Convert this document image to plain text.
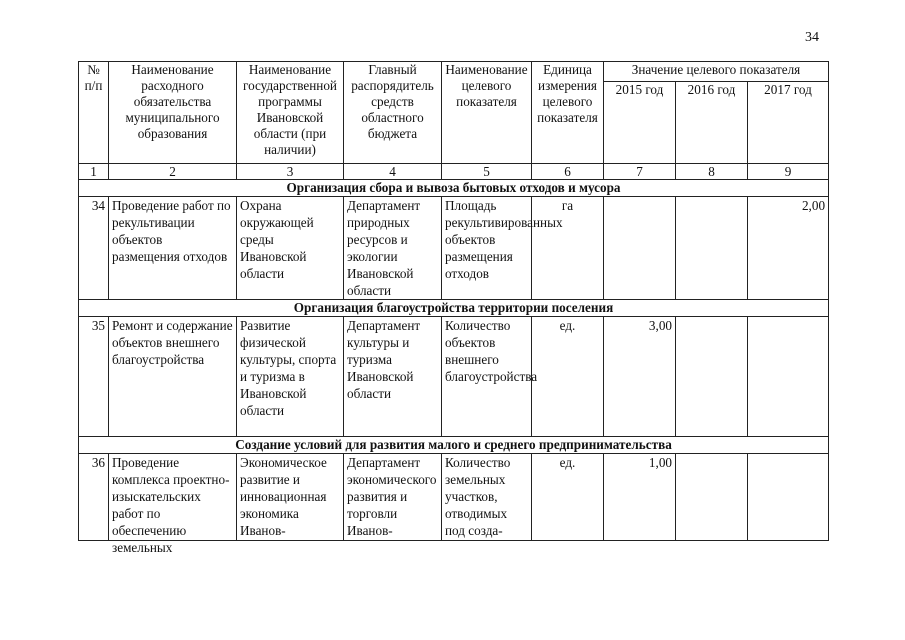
34
№ п/п	Наименование расходного обязательства муниципального образования	Наименование государственной программы Ивановской области (при наличии)	Главный распорядитель средств областного бюджета	Наименование целевого показателя	Единица измерения целевого показателя	Значение целевого показателя		
						2015 год	2016 год	2017 год
1	2	3	4	5	6	7	8	9
Организация сбора и вывоза бытовых отходов и мусора								
34	Проведение работ по рекультивации объектов размещения отходов	Охрана окружающей среды Ивановской области	Департамент природных ресурсов и экологии Ивановской области	Площадь рекультивированных объектов размещения отходов	га			2,00
Организация благоустройства территории поселения								
35	Ремонт и содержание объектов внешнего благоустройства	Развитие физической культуры, спорта и туризма в Ивановской области	Департамент культуры и туризма Ивановской области	Количество объектов внешнего благоустройства	ед.	3,00		
Создание условий для развития малого и среднего предпринимательства								
36	Проведение комплекса проектно-изыскательских работ по обеспечению земельных	Экономическое развитие и инновационная экономика Иванов-	Департамент экономического развития и торговли Иванов-	Количество земельных участков, отводимых под созда-	ед.	1,00		
